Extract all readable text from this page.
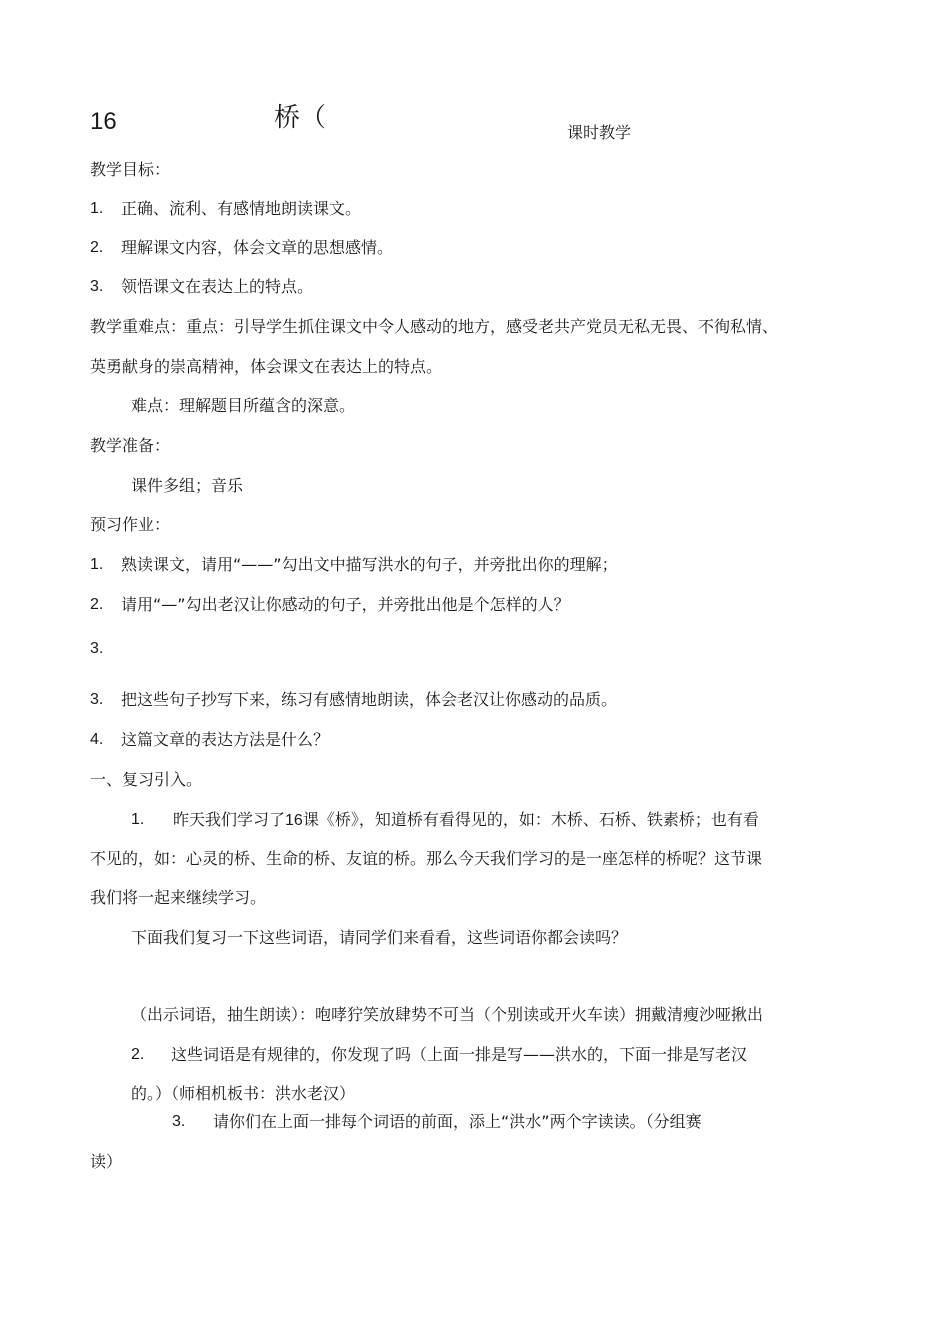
16	桥（	课时教学
教学目标：
1. 正确、流利、有感情地朗读课文。
2. 理解课文内容，体会文章的思想感情。
3. 领悟课文在表达上的特点。
教学重难点：重点：引导学生抓住课文中令人感动的地方，感受老共产党员无私无畏、不徇私情、
英勇献身的崇高精神，体会课文在表达上的特点。
难点：理解题目所蕴含的深意。
教学准备：
课件多组；音乐
预习作业：
1. 熟读课文，请用“——”勾出文中描写洪水的句子，并旁批出你的理解；
2. 请用“—”勾出老汉让你感动的句子，并旁批出他是个怎样的人？
3.
3. 把这些句子抄写下来，练习有感情地朗读，体会老汉让你感动的品质。
4. 这篇文章的表达方法是什么？
一、复习引入。
1. 昨天我们学习了16课《桥》，知道桥有看得见的，如：木桥、石桥、铁素桥；也有看
不见的，如：心灵的桥、生命的桥、友谊的桥。那么今天我们学习的是一座怎样的桥呢？这节课
我们将一起来继续学习。
下面我们复习一下这些词语，请同学们来看看，这些词语你都会读吗？
（出示词语，抽生朗读）：咆哮狞笑放肆势不可当（个别读或开火车读）拥戴清瘦沙哑揪出
2. 这些词语是有规律的，你发现了吗（上面一排是写——洪水的，下面一排是写老汉
的。）（师相机板书：洪水老汉）
3. 请你们在上面一排每个词语的前面，添上“洪水”两个字读读。（分组赛
读）
